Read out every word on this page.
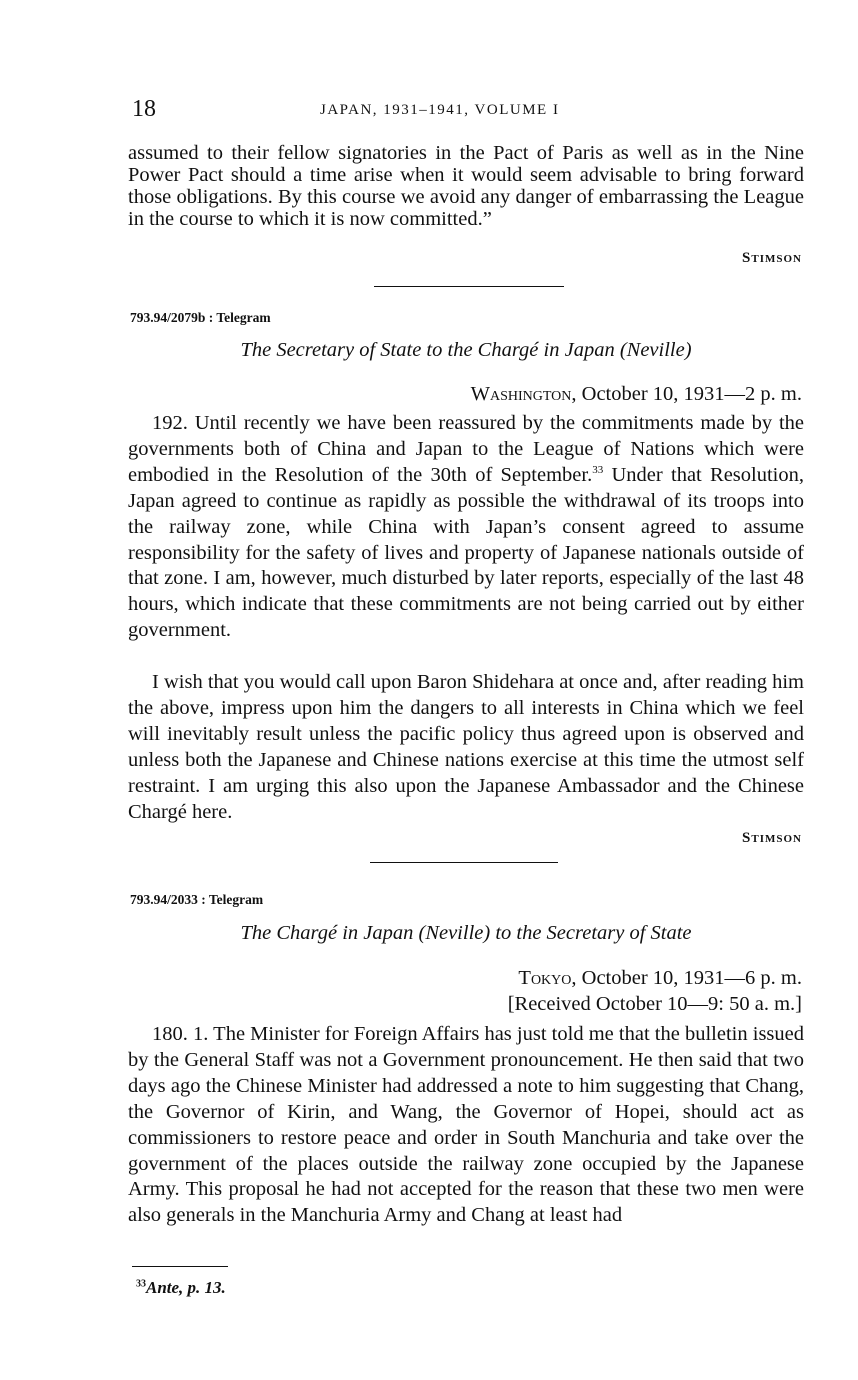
18	JAPAN, 1931–1941, VOLUME I

assumed to their fellow signatories in the Pact of Paris as well as in the Nine Power Pact should a time arise when it would seem advisable to bring forward those obligations. By this course we avoid any danger of embarrassing the League in the course to which it is now committed.”

Stimson
793.94/2079b : Telegram
The Secretary of State to the Chargé in Japan (Neville)
Washington, October 10, 1931—2 p. m.

192. Until recently we have been reassured by the commitments made by the governments both of China and Japan to the League of Nations which were embodied in the Resolution of the 30th of September.$^{33}$ Under that Resolution, Japan agreed to continue as rapidly as possible the withdrawal of its troops into the railway zone, while China with Japan’s consent agreed to assume responsibility for the safety of lives and property of Japanese nationals outside of that zone. I am, however, much disturbed by later reports, especially of the last 48 hours, which indicate that these commitments are not being carried out by either government.

I wish that you would call upon Baron Shidehara at once and, after reading him the above, impress upon him the dangers to all interests in China which we feel will inevitably result unless the pacific policy thus agreed upon is observed and unless both the Japanese and Chinese nations exercise at this time the utmost self restraint. I am urging this also upon the Japanese Ambassador and the Chinese Chargé here.

Stimson
793.94/2033 : Telegram
The Chargé in Japan (Neville) to the Secretary of State
Tokyo, October 10, 1931—6 p. m.
[Received October 10—9: 50 a. m.]

180. 1. The Minister for Foreign Affairs has just told me that the bulletin issued by the General Staff was not a Government pronouncement. He then said that two days ago the Chinese Minister had addressed a note to him suggesting that Chang, the Governor of Kirin, and Wang, the Governor of Hopei, should act as commissioners to restore peace and order in South Manchuria and take over the government of the places outside the railway zone occupied by the Japanese Army. This proposal he had not accepted for the reason that these two men were also generals in the Manchuria Army and Chang at least had

$^{33}$Ante, p. 13.
